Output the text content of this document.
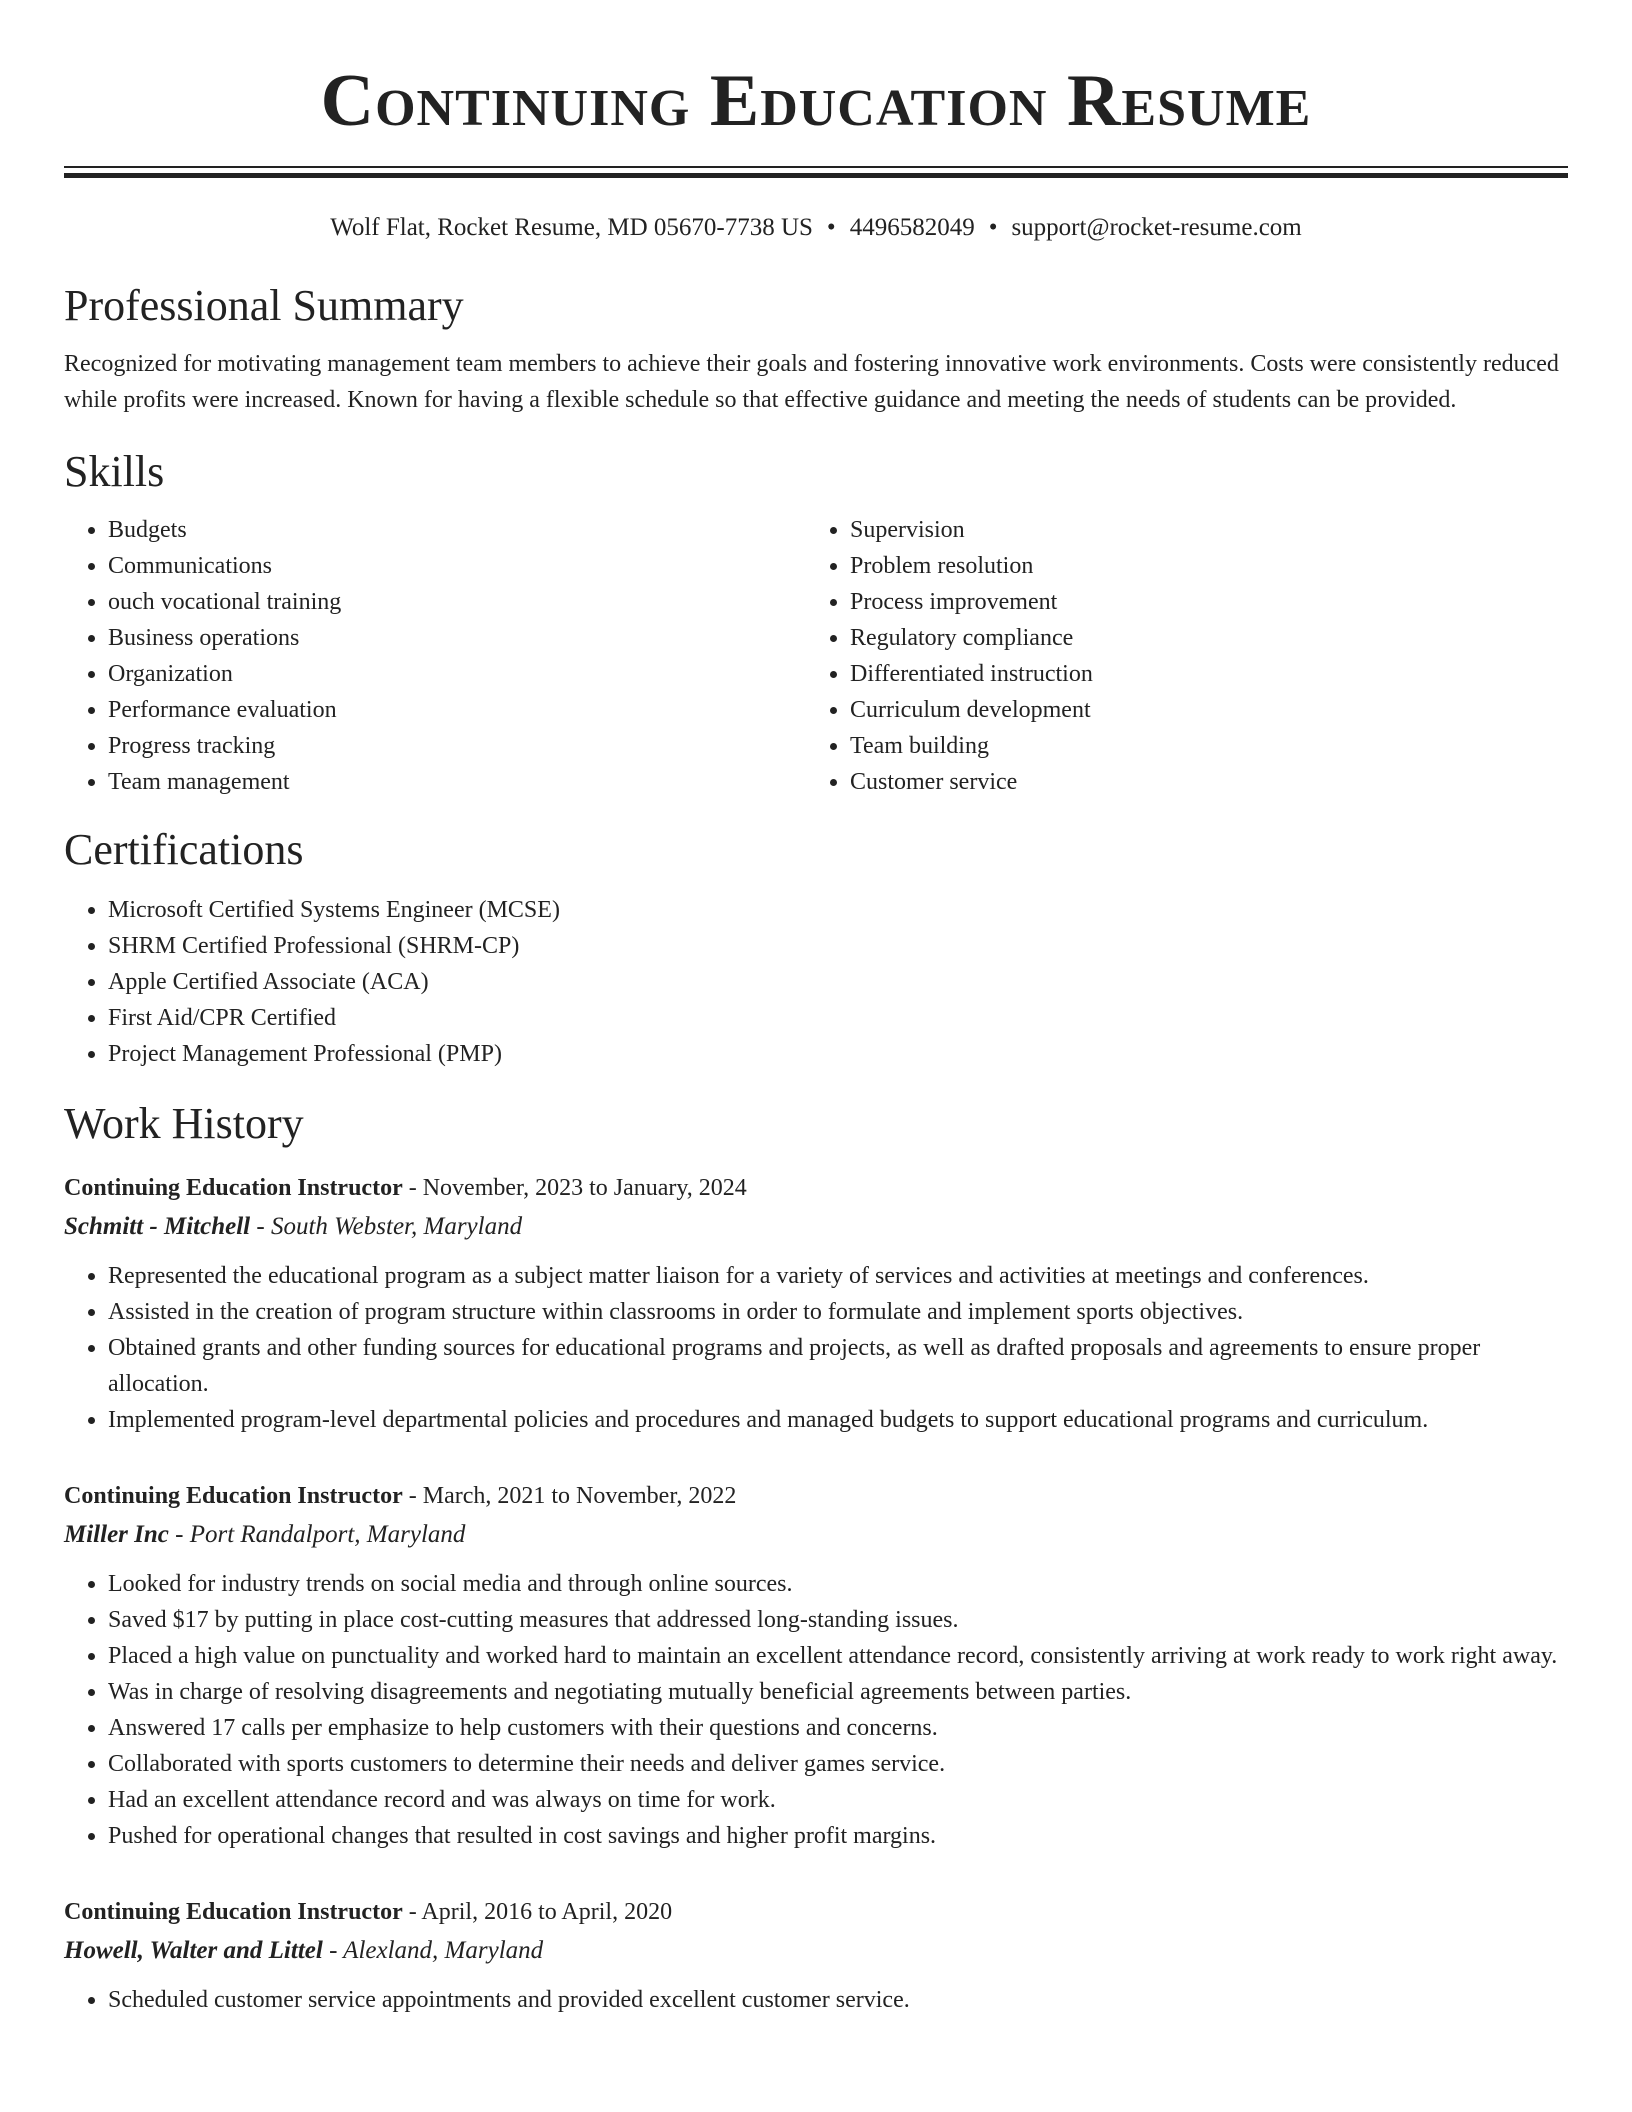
Continuing Education Resume
Wolf Flat, Rocket Resume, MD 05670-7738 US • 4496582049 • support@rocket-resume.com
Professional Summary
Recognized for motivating management team members to achieve their goals and fostering innovative work environments. Costs were consistently reduced while profits were increased. Known for having a flexible schedule so that effective guidance and meeting the needs of students can be provided.
Skills
• Budgets
• Communications
• ouch vocational training
• Business operations
• Organization
• Performance evaluation
• Progress tracking
• Team management
• Supervision
• Problem resolution
• Process improvement
• Regulatory compliance
• Differentiated instruction
• Curriculum development
• Team building
• Customer service
Certifications
• Microsoft Certified Systems Engineer (MCSE)
• SHRM Certified Professional (SHRM-CP)
• Apple Certified Associate (ACA)
• First Aid/CPR Certified
• Project Management Professional (PMP)
Work History
Continuing Education Instructor - November, 2023 to January, 2024
Schmitt - Mitchell - South Webster, Maryland
• Represented the educational program as a subject matter liaison for a variety of services and activities at meetings and conferences.
• Assisted in the creation of program structure within classrooms in order to formulate and implement sports objectives.
• Obtained grants and other funding sources for educational programs and projects, as well as drafted proposals and agreements to ensure proper allocation.
• Implemented program-level departmental policies and procedures and managed budgets to support educational programs and curriculum.
Continuing Education Instructor - March, 2021 to November, 2022
Miller Inc - Port Randalport, Maryland
• Looked for industry trends on social media and through online sources.
• Saved $17 by putting in place cost-cutting measures that addressed long-standing issues.
• Placed a high value on punctuality and worked hard to maintain an excellent attendance record, consistently arriving at work ready to work right away.
• Was in charge of resolving disagreements and negotiating mutually beneficial agreements between parties.
• Answered 17 calls per emphasize to help customers with their questions and concerns.
• Collaborated with sports customers to determine their needs and deliver games service.
• Had an excellent attendance record and was always on time for work.
• Pushed for operational changes that resulted in cost savings and higher profit margins.
Continuing Education Instructor - April, 2016 to April, 2020
Howell, Walter and Littel - Alexland, Maryland
• Scheduled customer service appointments and provided excellent customer service.
